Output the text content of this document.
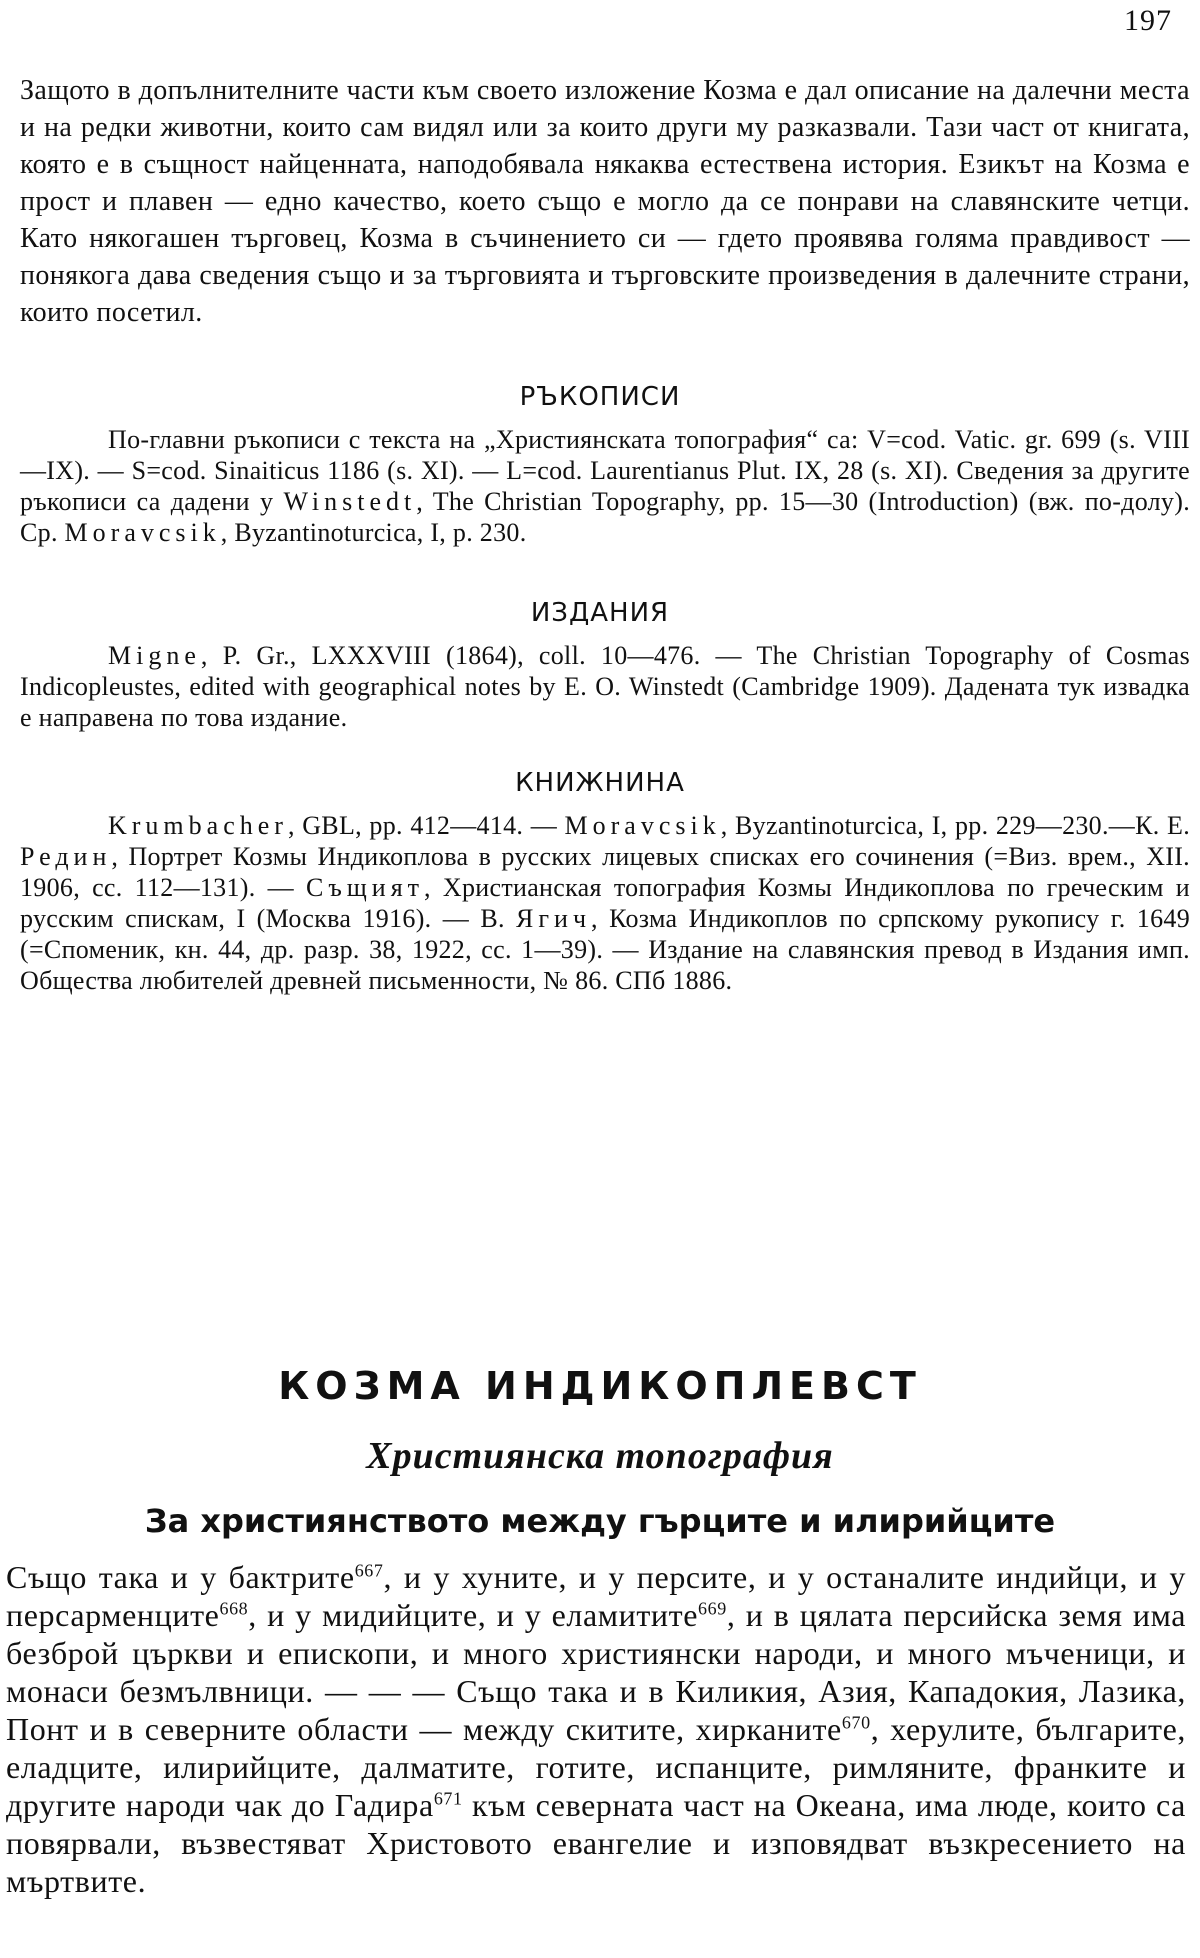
197

Защото в допълнителните части към своето изложение Козма е дал описание на далечни места и на редки животни, които сам видял или за които други му разказвали. Тази част от книгата, която е в същност найценната, наподобявала някаква естествена история. Езикът на Козма е прост и плавен — едно качество, което също е могло да се понрави на славянските четци. Като някогашен търговец, Козма в съчинението си — гдето проявява голяма правдивост — понякога дава сведения също и за търговията и търговските произведения в далечните страни, които посетил.

РЪКОПИСИ

По-главни ръкописи с текста на „Християнската топография“ са: V=cod. Vatic. gr. 699 (s. VIII—IX). — S=cod. Sinaiticus 1186 (s. XI). — L=cod. Laurentianus Plut. IX, 28 (s. XI). Сведения за другите ръкописи са дадени у Winstedt, The Christian Topography, pp. 15—30 (Introduction) (вж. по-долу). Ср. Moravcsik, Byzantinoturcica, I, p. 230.

ИЗДАНИЯ

Migne, P. Gr., LXXXVIII (1864), coll. 10—476. — The Christian Topography of Cosmas Indicopleustes, edited with geographical notes by E. O. Winstedt (Cambridge 1909). Дадената тук извадка е направена по това издание.

КНИЖНИНА

Krumbacher, GBL, pp. 412—414. — Moravcsik, Byzantinoturcica, I, pp. 229—230.—К. Е. Редин, Портрет Козмы Индикоплова в русских лицевых списках его сочинения (=Виз. врем., XII. 1906, сс. 112—131). — Същият, Христианская топография Козмы Индикоплова по греческим и русским спискам, I (Москва 1916). — В. Ягич, Козма Индикоплов по српскому рукопису г. 1649 (=Споменик, кн. 44, др. разр. 38, 1922, сс. 1—39). — Издание на славянския превод в Издания имп. Общества любителей древней письменности, № 86. СПб 1886.

КОЗМА ИНДИКОПЛЕВСТ
Християнска топография
За християнството между гърците и илирийците

Също така и у бактрите$^{667}$, и у хуните, и у персите, и у останалите индийци, и у персарменците$^{668}$, и у мидийците, и у еламитите$^{669}$, и в цялата персийска земя има безброй църкви и епископи, и много християнски народи, и много мъченици, и монаси безмълвници. — — — Също така и в Киликия, Азия, Кападокия, Лазика, Понт и в северните области — между скитите, хирканите$^{670}$, херулите, българите, еладците, илирийците, далматите, готите, испанците, римляните, франките и другите народи чак до Гадира$^{671}$ към северната част на Океана, има люде, които са повярвали, възвестяват Христовото евангелие и изповядват възкресението на мъртвите.
